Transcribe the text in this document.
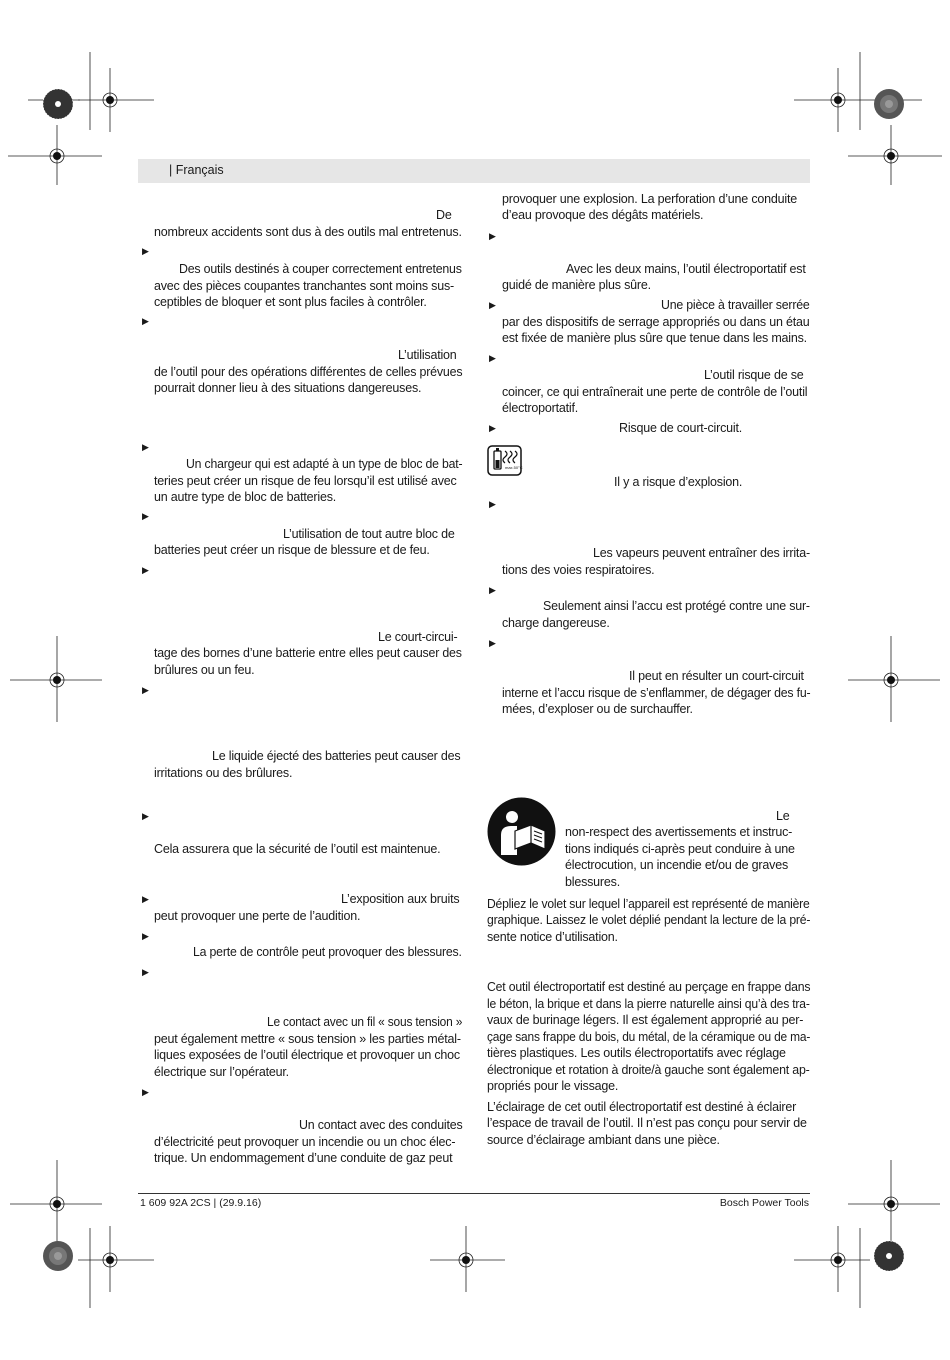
| Français
De
nombreux accidents sont dus à des outils mal entretenus.
▶
Des outils destinés à couper correctement entretenus
avec des pièces coupantes tranchantes sont moins sus-
ceptibles de bloquer et sont plus faciles à contrôler.
▶
L’utilisation
de l’outil pour des opérations différentes de celles prévues
pourrait donner lieu à des situations dangereuses.
▶
Un chargeur qui est adapté à un type de bloc de bat-
teries peut créer un risque de feu lorsqu’il est utilisé avec
un autre type de bloc de batteries.
▶
L’utilisation de tout autre bloc de
batteries peut créer un risque de blessure et de feu.
▶
Le court-circui-
tage des bornes d’une batterie entre elles peut causer des
brûlures ou un feu.
▶
Le liquide éjecté des batteries peut causer des
irritations ou des brûlures.
▶
Cela assurera que la sécurité de l’outil est maintenue.
▶	L’exposition aux bruits
peut provoquer une perte de l’audition.
▶
La perte de contrôle peut provoquer des blessures.
▶
Le contact avec un fil « sous tension »
peut également mettre « sous tension » les parties métal-
liques exposées de l’outil électrique et provoquer un choc
électrique sur l’opérateur.
▶
Un contact avec des conduites
d’électricité peut provoquer un incendie ou un choc élec-
trique. Un endommagement d’une conduite de gaz peut
provoquer une explosion. La perforation d’une conduite
d’eau provoque des dégâts matériels.
▶
Avec les deux mains, l’outil électroportatif est
guidé de manière plus sûre.
▶	Une pièce à travailler serrée
par des dispositifs de serrage appropriés ou dans un étau
est fixée de manière plus sûre que tenue dans les mains.
▶
L’outil risque de se
coincer, ce qui entraînerait une perte de contrôle de l’outil
électroportatif.
▶	Risque de court-circuit.
max.50°C
Il y a risque d’explosion.
▶
Les vapeurs peuvent entraîner des irrita-
tions des voies respiratoires.
▶
Seulement ainsi l’accu est protégé contre une sur-
charge dangereuse.
▶
Il peut en résulter un court-circuit
interne et l’accu risque de s’enflammer, de dégager des fu-
mées, d’exploser ou de surchauffer.
Le
non-respect des avertissements et instruc-
tions indiqués ci-après peut conduire à une
électrocution, un incendie et/ou de graves
blessures.
Dépliez le volet sur lequel l’appareil est représenté de manière
graphique. Laissez le volet déplié pendant la lecture de la pré-
sente notice d’utilisation.
Cet outil électroportatif est destiné au perçage en frappe dans
le béton, la brique et dans la pierre naturelle ainsi qu’à des tra-
vaux de burinage légers. Il est également approprié au per-
çage sans frappe du bois, du métal, de la céramique ou de ma-
tières plastiques. Les outils électroportatifs avec réglage
électronique et rotation à droite/à gauche sont également ap-
propriés pour le vissage.
L’éclairage de cet outil électroportatif est destiné à éclairer
l’espace de travail de l’outil. Il n’est pas conçu pour servir de
source d’éclairage ambiant dans une pièce.
1 609 92A 2CS | (29.9.16)	Bosch Power Tools
